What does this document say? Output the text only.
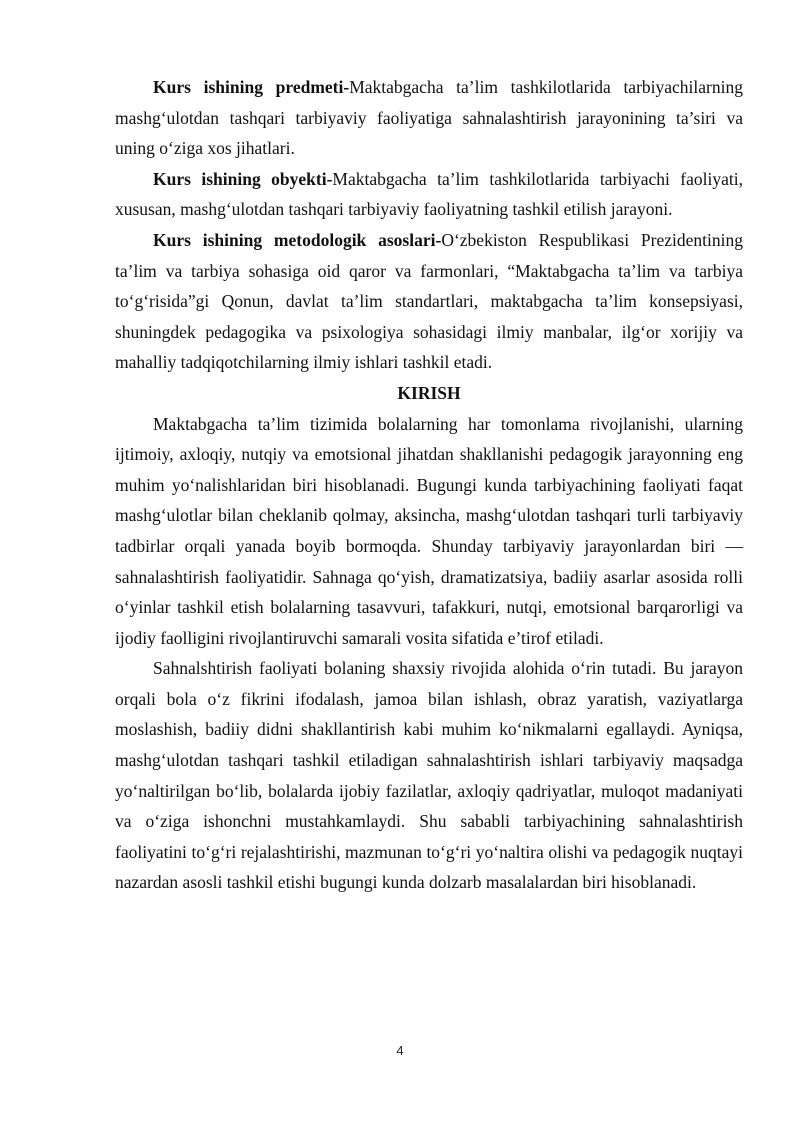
Kurs ishining predmeti-Maktabgacha ta’lim tashkilotlarida tarbiyachilarning mashg‘ulotdan tashqari tarbiyaviy faoliyatiga sahnalashtirish jarayonining ta’siri va uning o‘ziga xos jihatlari.

Kurs ishining obyekti-Maktabgacha ta’lim tashkilotlarida tarbiyachi faoliyati, xususan, mashg‘ulotdan tashqari tarbiyaviy faoliyatning tashkil etilish jarayoni.

Kurs ishining metodologik asoslari-O‘zbekiston Respublikasi Prezidentining ta’lim va tarbiya sohasiga oid qaror va farmonlari, “Maktabgacha ta’lim va tarbiya to‘g‘risida”gi Qonun, davlat ta’lim standartlari, maktabgacha ta’lim konsepsiyasi, shuningdek pedagogika va psixologiya sohasidagi ilmiy manbalar, ilg‘or xorijiy va mahalliy tadqiqotchilarning ilmiy ishlari tashkil etadi.

KIRISH

Maktabgacha ta’lim tizimida bolalarning har tomonlama rivojlanishi, ularning ijtimoiy, axloqiy, nutqiy va emotsional jihatdan shakllanishi pedagogik jarayonning eng muhim yo‘nalishlaridan biri hisoblanadi. Bugungi kunda tarbiyachining faoliyati faqat mashg‘ulotlar bilan cheklanib qolmay, aksincha, mashg‘ulotdan tashqari turli tarbiyaviy tadbirlar orqali yanada boyib bormoqda. Shunday tarbiyaviy jarayonlardan biri — sahnalashtirish faoliyatidir. Sahnaga qo‘yish, dramatizatsiya, badiiy asarlar asosida rolli o‘yinlar tashkil etish bolalarning tasavvuri, tafakkuri, nutqi, emotsional barqarorligi va ijodiy faolligini rivojlantiruvchi samarali vosita sifatida e’tirof etiladi.

Sahnalshtirish faoliyati bolaning shaxsiy rivojida alohida o‘rin tutadi. Bu jarayon orqali bola o‘z fikrini ifodalash, jamoa bilan ishlash, obraz yaratish, vaziyatlarga moslashish, badiiy didni shakllantirish kabi muhim ko‘nikmalarni egallaydi. Ayniqsa, mashg‘ulotdan tashqari tashkil etiladigan sahnalashtirish ishlari tarbiyaviy maqsadga yo‘naltirilgan bo‘lib, bolalarda ijobiy fazilatlar, axloqiy qadriyatlar, muloqot madaniyati va o‘ziga ishonchni mustahkamlaydi. Shu sababli tarbiyachining sahnalashtirish faoliyatini to‘g‘ri rejalashtirishi, mazmunan to‘g‘ri yo‘naltira olishi va pedagogik nuqtayi nazardan asosli tashkil etishi bugungi kunda dolzarb masalalardan biri hisoblanadi.

4
